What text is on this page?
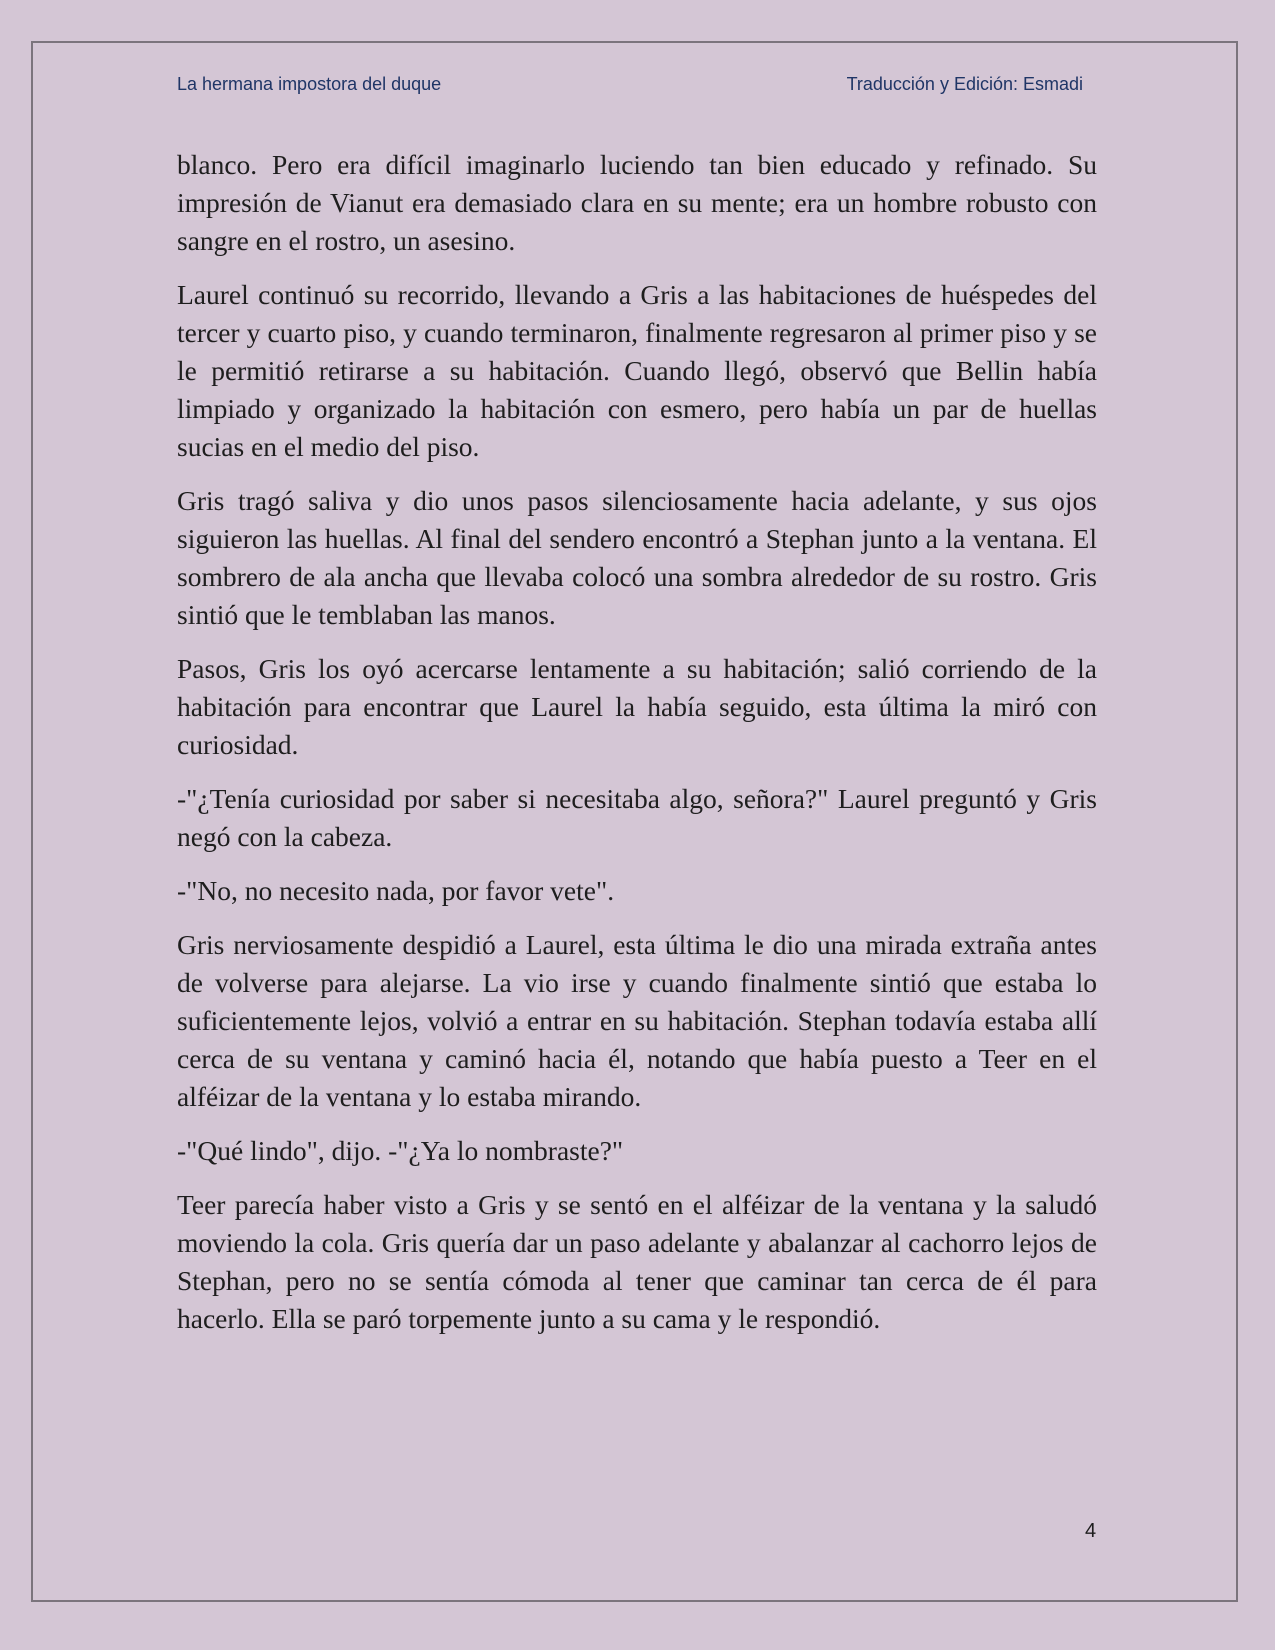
La hermana impostora del duque	Traducción y Edición: Esmadi

blanco. Pero era difícil imaginarlo luciendo tan bien educado y refinado. Su impresión de Vianut era demasiado clara en su mente; era un hombre robusto con sangre en el rostro, un asesino.

Laurel continuó su recorrido, llevando a Gris a las habitaciones de huéspedes del tercer y cuarto piso, y cuando terminaron, finalmente regresaron al primer piso y se le permitió retirarse a su habitación. Cuando llegó, observó que Bellin había limpiado y organizado la habitación con esmero, pero había un par de huellas sucias en el medio del piso.

Gris tragó saliva y dio unos pasos silenciosamente hacia adelante, y sus ojos siguieron las huellas. Al final del sendero encontró a Stephan junto a la ventana. El sombrero de ala ancha que llevaba colocó una sombra alrededor de su rostro. Gris sintió que le temblaban las manos.

Pasos, Gris los oyó acercarse lentamente a su habitación; salió corriendo de la habitación para encontrar que Laurel la había seguido, esta última la miró con curiosidad.

-"¿Tenía curiosidad por saber si necesitaba algo, señora?" Laurel preguntó y Gris negó con la cabeza.

-"No, no necesito nada, por favor vete".

Gris nerviosamente despidió a Laurel, esta última le dio una mirada extraña antes de volverse para alejarse. La vio irse y cuando finalmente sintió que estaba lo suficientemente lejos, volvió a entrar en su habitación. Stephan todavía estaba allí cerca de su ventana y caminó hacia él, notando que había puesto a Teer en el alféizar de la ventana y lo estaba mirando.

-"Qué lindo", dijo. -"¿Ya lo nombraste?"

Teer parecía haber visto a Gris y se sentó en el alféizar de la ventana y la saludó moviendo la cola. Gris quería dar un paso adelante y abalanzar al cachorro lejos de Stephan, pero no se sentía cómoda al tener que caminar tan cerca de él para hacerlo. Ella se paró torpemente junto a su cama y le respondió.

4
